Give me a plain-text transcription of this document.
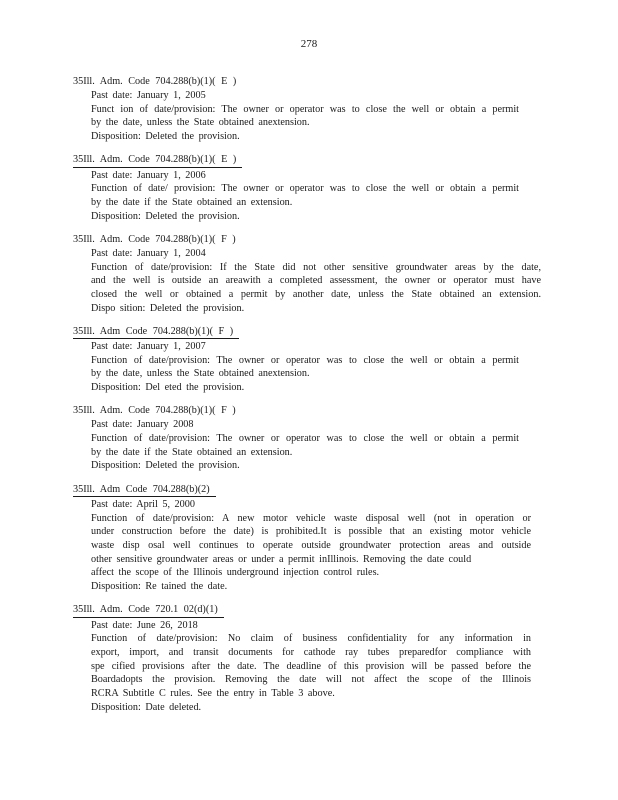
278
35Ill. Adm. Code 704.288(b)(1)( E )
Past date: January 1, 2005
Funct ion of date/provision: The owner or operator was to close the well or obtain a permit
by the date, unless the State obtained anextension.
Disposition: Deleted the provision.
35Ill. Adm. Code 704.288(b)(1)( E )
Past date: January 1, 2006
Function of date/ provision: The owner or operator was to close the well or obtain a permit
by the date if the State obtained an extension.
Disposition: Deleted the provision.
35Ill. Adm. Code 704.288(b)(1)( F )
Past date: January 1, 2004
Function of date/provision: If the State did not other sensitive groundwater areas by the date,
and the well is outside an areawith a completed assessment, the owner or operator must have
closed the well or obtained a permit by another date, unless the State obtained an extension.
Dispo sition: Deleted the provision.
35Ill. Adm Code 704.288(b)(1)( F )
Past date: January 1, 2007
Function of date/provision: The owner or operator was to close the well or obtain a permit
by the date, unless the State obtained anextension.
Disposition: Del eted the provision.
35Ill. Adm. Code 704.288(b)(1)( F )
Past date: January 2008
Function of date/provision: The owner or operator was to close the well or obtain a permit
by the date if the State obtained an extension.
Disposition: Deleted the provision.
35Ill. Adm Code 704.288(b)(2)
Past date: April 5, 2000
Function of date/provision: A new motor vehicle waste disposal well (not in operation or
under construction before the date) is prohibited.It is possible that an existing motor vehicle
waste disp osal well continues to operate outside groundwater protection areas and outside
other sensitive groundwater areas or under a permit inIllinois. Removing the date could
affect the scope of the Illinois underground injection control rules.
Disposition: Re tained the date.
35Ill. Adm. Code 720.1 02(d)(1)
Past date: June 26, 2018
Function of date/provision: No claim of business confidentiality for any information in
export, import, and transit documents for cathode ray tubes preparedfor compliance with
spe cified provisions after the date. The deadline of this provision will be passed before the
Boardadopts the provision. Removing the date will not affect the scope of the Illinois
RCRA Subtitle C rules. See the entry in Table 3 above.
Disposition: Date deleted.
